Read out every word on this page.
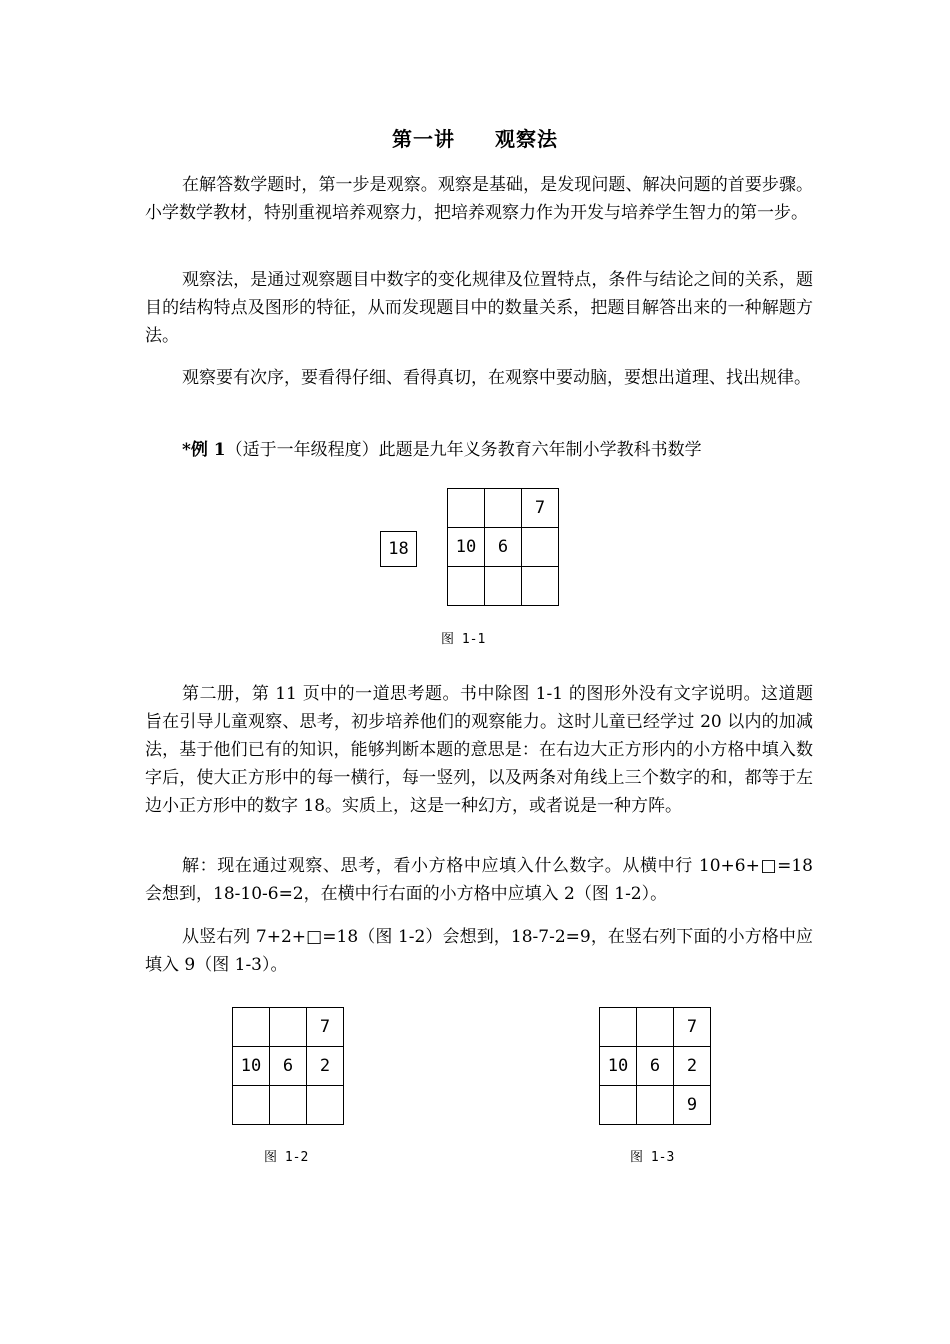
第一讲 观察法

在解答数学题时，第一步是观察。观察是基础，是发现问题、解决问题的首要步骤。小学数学教材，特别重视培养观察力，把培养观察力作为开发与培养学生智力的第一步。

观察法，是通过观察题目中数字的变化规律及位置特点，条件与结论之间的关系，题目的结构特点及图形的特征，从而发现题目中的数量关系，把题目解答出来的一种解题方法。

观察要有次序，要看得仔细、看得真切，在观察中要动脑，要想出道理、找出规律。

*例 1（适于一年级程度）此题是九年义务教育六年制小学教科书数学

18
		7
10	6	

图 1-1

第二册，第 11 页中的一道思考题。书中除图 1-1 的图形外没有文字说明。这道题旨在引导儿童观察、思考，初步培养他们的观察能力。这时儿童已经学过 20 以内的加减法，基于他们已有的知识，能够判断本题的意思是：在右边大正方形内的小方格中填入数字后，使大正方形中的每一横行，每一竖列，以及两条对角线上三个数字的和，都等于左边小正方形中的数字 18。实质上，这是一种幻方，或者说是一种方阵。

解：现在通过观察、思考，看小方格中应填入什么数字。从横中行 10+6+□=18 会想到，18-10-6=2，在横中行右面的小方格中应填入 2（图 1-2）。

从竖右列 7+2+□=18（图 1-2）会想到，18-7-2=9，在竖右列下面的小方格中应填入 9（图 1-3）。

		7
10	6	2

图 1-2
		7
10	6	2
		9
图 1-3
